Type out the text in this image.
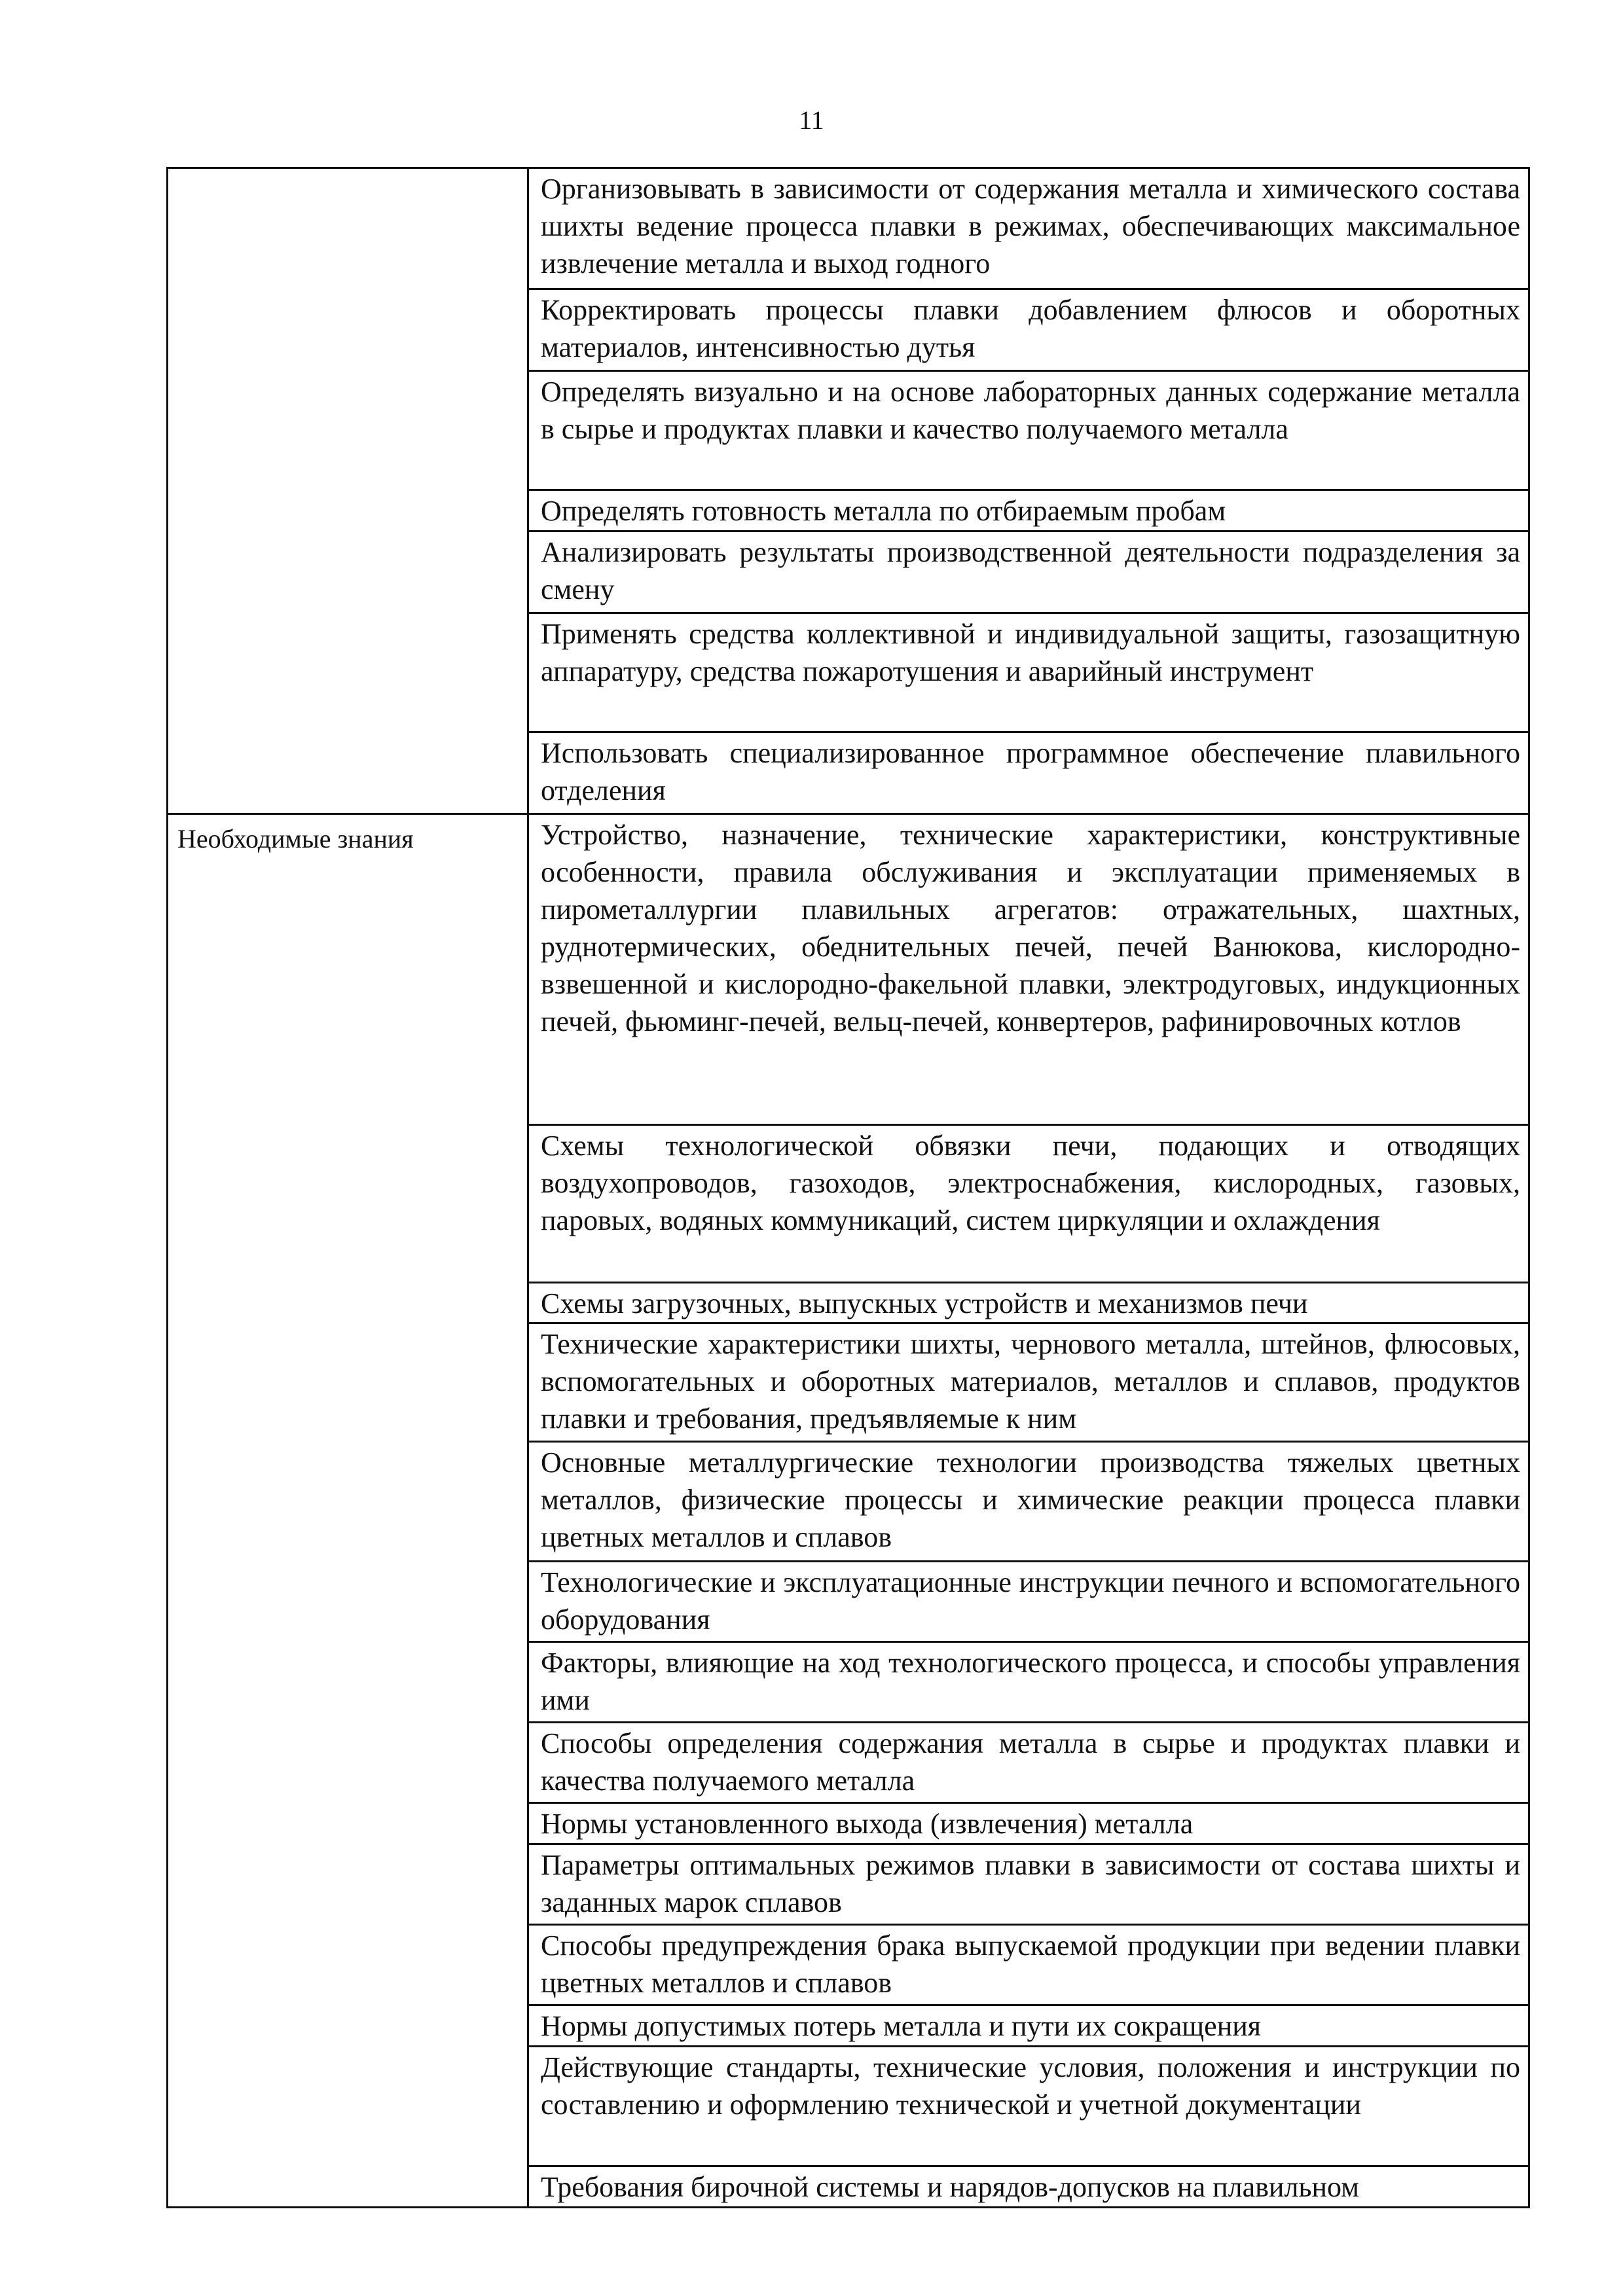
11
	Организовывать в зависимости от содержания металла и химического состава шихты ведение процесса плавки в режимах, обеспечивающих максимальное извлечение металла и выход годного
	Корректировать процессы плавки добавлением флюсов и оборотных материалов, интенсивностью дутья
	Определять визуально и на основе лабораторных данных содержание металла в сырье и продуктах плавки и качество получаемого металла
	Определять готовность металла по отбираемым пробам
	Анализировать результаты производственной деятельности подразделения за смену
	Применять средства коллективной и индивидуальной защиты, газозащитную аппаратуру, средства пожаротушения и аварийный инструмент
	Использовать специализированное программное обеспечение плавильного отделения

Необходимые знания	Устройство, назначение, технические характеристики, конструктивные особенности, правила обслуживания и эксплуатации применяемых в пирометаллургии плавильных агрегатов: отражательных, шахтных, руднотермических, обеднительных печей, печей Ванюкова, кислородно-взвешенной и кислородно-факельной плавки, электродуговых, индукционных печей, фьюминг-печей, вельц-печей, конвертеров, рафинировочных котлов
	Схемы технологической обвязки печи, подающих и отводящих воздухопроводов, газоходов, электроснабжения, кислородных, газовых, паровых, водяных коммуникаций, систем циркуляции и охлаждения
	Схемы загрузочных, выпускных устройств и механизмов печи
	Технические характеристики шихты, чернового металла, штейнов, флюсовых, вспомогательных и оборотных материалов, металлов и сплавов, продуктов плавки и требования, предъявляемые к ним
	Основные металлургические технологии производства тяжелых цветных металлов, физические процессы и химические реакции процесса плавки цветных металлов и сплавов
	Технологические и эксплуатационные инструкции печного и вспомогательного оборудования
	Факторы, влияющие на ход технологического процесса, и способы управления ими
	Способы определения содержания металла в сырье и продуктах плавки и качества получаемого металла
	Нормы установленного выхода (извлечения) металла
	Параметры оптимальных режимов плавки в зависимости от состава шихты и заданных марок сплавов
	Способы предупреждения брака выпускаемой продукции при ведении плавки цветных металлов и сплавов
	Нормы допустимых потерь металла и пути их сокращения
	Действующие стандарты, технические условия, положения и инструкции по составлению и оформлению технической и учетной документации
	Требования бирочной системы и нарядов-допусков на плавильном
